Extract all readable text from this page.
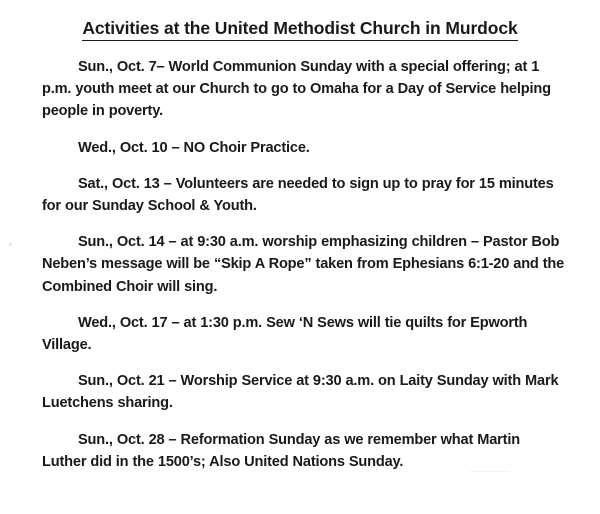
Activities at the United Methodist Church in Murdock

Sun., Oct. 7– World Communion Sunday with a special offering; at 1 p.m. youth meet at our Church to go to Omaha for a Day of Service helping people in poverty.

Wed., Oct. 10 – NO Choir Practice.

Sat., Oct. 13 – Volunteers are needed to sign up to pray for 15 minutes for our Sunday School & Youth.

Sun., Oct. 14 – at 9:30 a.m. worship emphasizing children – Pastor Bob Neben’s message will be “Skip A Rope” taken from Ephesians 6:1-20 and the Combined Choir will sing.

Wed., Oct. 17 – at 1:30 p.m. Sew ‘N Sews will tie quilts for Epworth Village.

Sun., Oct. 21 – Worship Service at 9:30 a.m. on Laity Sunday with Mark Luetchens sharing.

Sun., Oct. 28 – Reformation Sunday as we remember what Martin Luther did in the 1500’s; Also United Nations Sunday.
